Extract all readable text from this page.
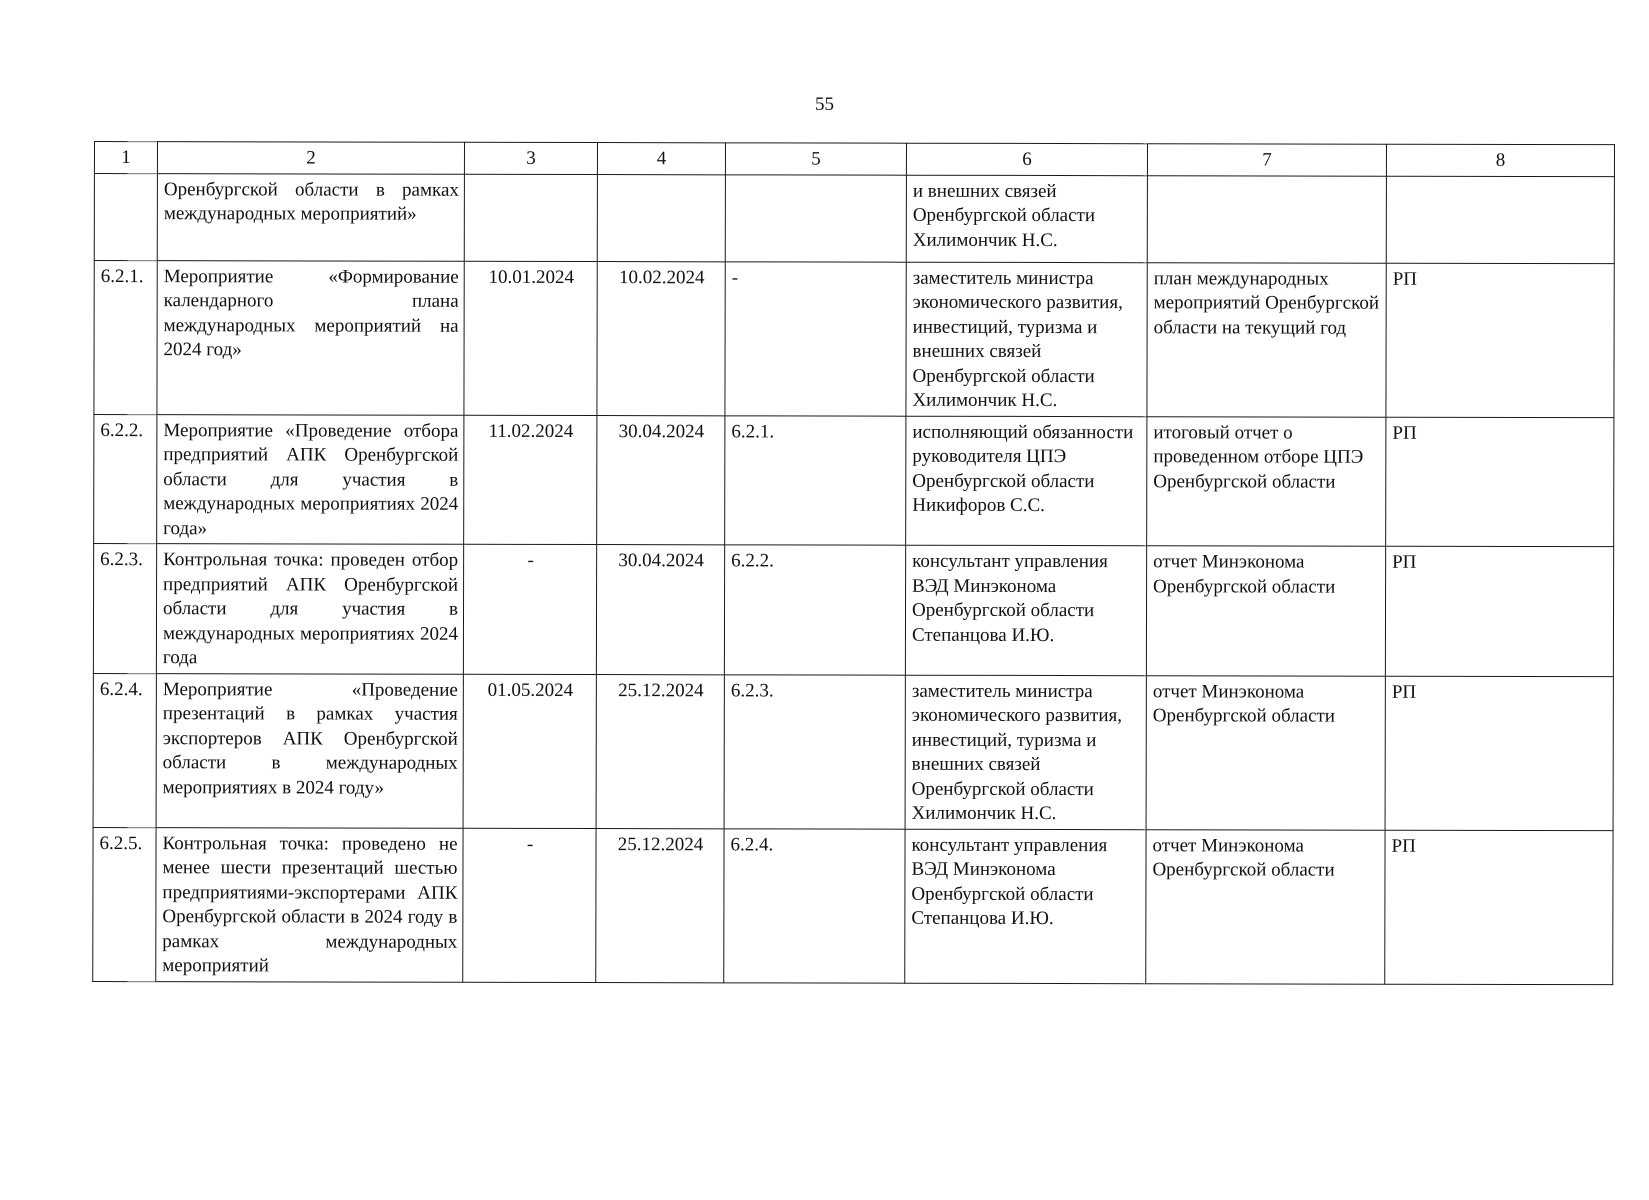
55
1	2	3	4	5	6	7	8
	Оренбургской области в рамках международных мероприятий»				и внешних связей Оренбургской области Хилимончик Н.С.		
6.2.1.	Мероприятие «Формирование календарного плана международных мероприятий на 2024 год»	10.01.2024	10.02.2024	-	заместитель министра экономического развития, инвестиций, туризма и внешних связей Оренбургской области Хилимончик Н.С.	план международных мероприятий Оренбургской области на текущий год	РП
6.2.2.	Мероприятие «Проведение отбора предприятий АПК Оренбургской области для участия в международных мероприятиях 2024 года»	11.02.2024	30.04.2024	6.2.1.	исполняющий обязанности руководителя ЦПЭ Оренбургской области Никифоров С.С.	итоговый отчет о проведенном отборе ЦПЭ Оренбургской области	РП
6.2.3.	Контрольная точка: проведен отбор предприятий АПК Оренбургской области для участия в международных мероприятиях 2024 года	-	30.04.2024	6.2.2.	консультант управления ВЭД Минэконома Оренбургской области Степанцова И.Ю.	отчет Минэконома Оренбургской области	РП
6.2.4.	Мероприятие «Проведение презентаций в рамках участия экспортеров АПК Оренбургской области в международных мероприятиях в 2024 году»	01.05.2024	25.12.2024	6.2.3.	заместитель министра экономического развития, инвестиций, туризма и внешних связей Оренбургской области Хилимончик Н.С.	отчет Минэконома Оренбургской области	РП
6.2.5.	Контрольная точка: проведено не менее шести презентаций шестью предприятиями-экспортерами АПК Оренбургской области в 2024 году в рамках международных мероприятий	-	25.12.2024	6.2.4.	консультант управления ВЭД Минэкономa Оренбургской области Степанцова И.Ю.	отчет Минэконома Оренбургской области	РП
